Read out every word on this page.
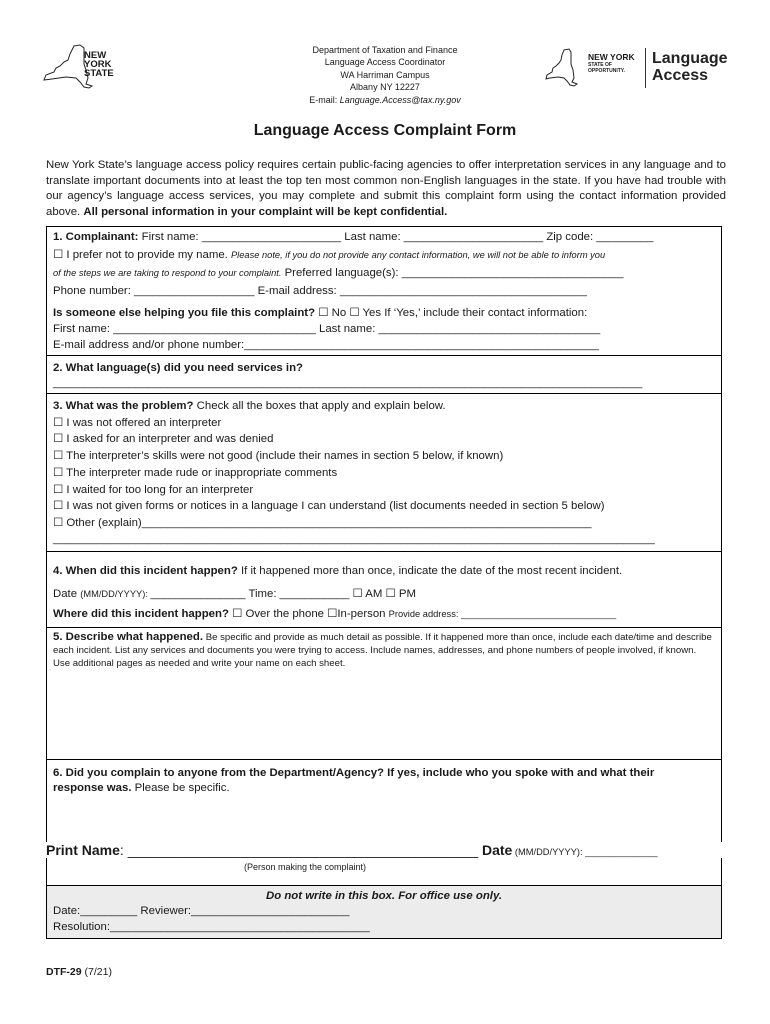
NEW
YORK
STATE
Department of Taxation and Finance
Language Access Coordinator
WA Harriman Campus
Albany NY 12227
E-mail: Language.Access@tax.ny.gov
NEW YORK
STATE OF
OPPORTUNITY.
Language
Access
Language Access Complaint Form
New York State’s language access policy requires certain public-facing agencies to offer interpretation services in any language and to translate important documents into at least the top ten most common non-English languages in the state. If you have had trouble with our agency’s language access services, you may complete and submit this complaint form using the contact information provided above. All personal information in your complaint will be kept confidential.
1. Complainant: First name: ______________________ Last name: ______________________ Zip code: _________
☐ I prefer not to provide my name. Please note, if you do not provide any contact information, we will not be able to inform you
of the steps we are taking to respond to your complaint. Preferred language(s): ___________________________________
Phone number: ___________________ E-mail address: _______________________________________
Is someone else helping you file this complaint? ☐ No ☐ Yes If ‘Yes,’ include their contact information:
First name: ________________________________ Last name: ___________________________________
E-mail address and/or phone number:________________________________________________________
2. What language(s) did you need services in?
_____________________________________________________________________________________________
3. What was the problem? Check all the boxes that apply and explain below.
☐ I was not offered an interpreter
☐ I asked for an interpreter and was denied
☐ The interpreter’s skills were not good (include their names in section 5 below, if known)
☐ The interpreter made rude or inappropriate comments
☐ I waited for too long for an interpreter
☐ I was not given forms or notices in a language I can understand (list documents needed in section 5 below)
☐ Other (explain)_______________________________________________________________________
_______________________________________________________________________________________________
4. When did this incident happen? If it happened more than once, indicate the date of the most recent incident.
Date (MM/DD/YYYY): _______________ Time: ___________ ☐ AM ☐ PM
Where did this incident happen? ☐ Over the phone ☐In-person Provide address: ______________________________
5. Describe what happened. Be specific and provide as much detail as possible. If it happened more than once, include each date/time and describe each incident. List any services and documents you were trying to access. Include names, addresses, and phone numbers of people involved, if known. Use additional pages as needed and write your name on each sheet.
6. Did you complain to anyone from the Department/Agency? If yes, include who you spoke with and what their response was. Please be specific.
Print Name: _____________________________________________ Date (MM/DD/YYYY): ______________
(Person making the complaint)
Do not write in this box. For office use only.
Date:_________ Reviewer:_________________________
Resolution:_________________________________________
DTF-29 (7/21)
